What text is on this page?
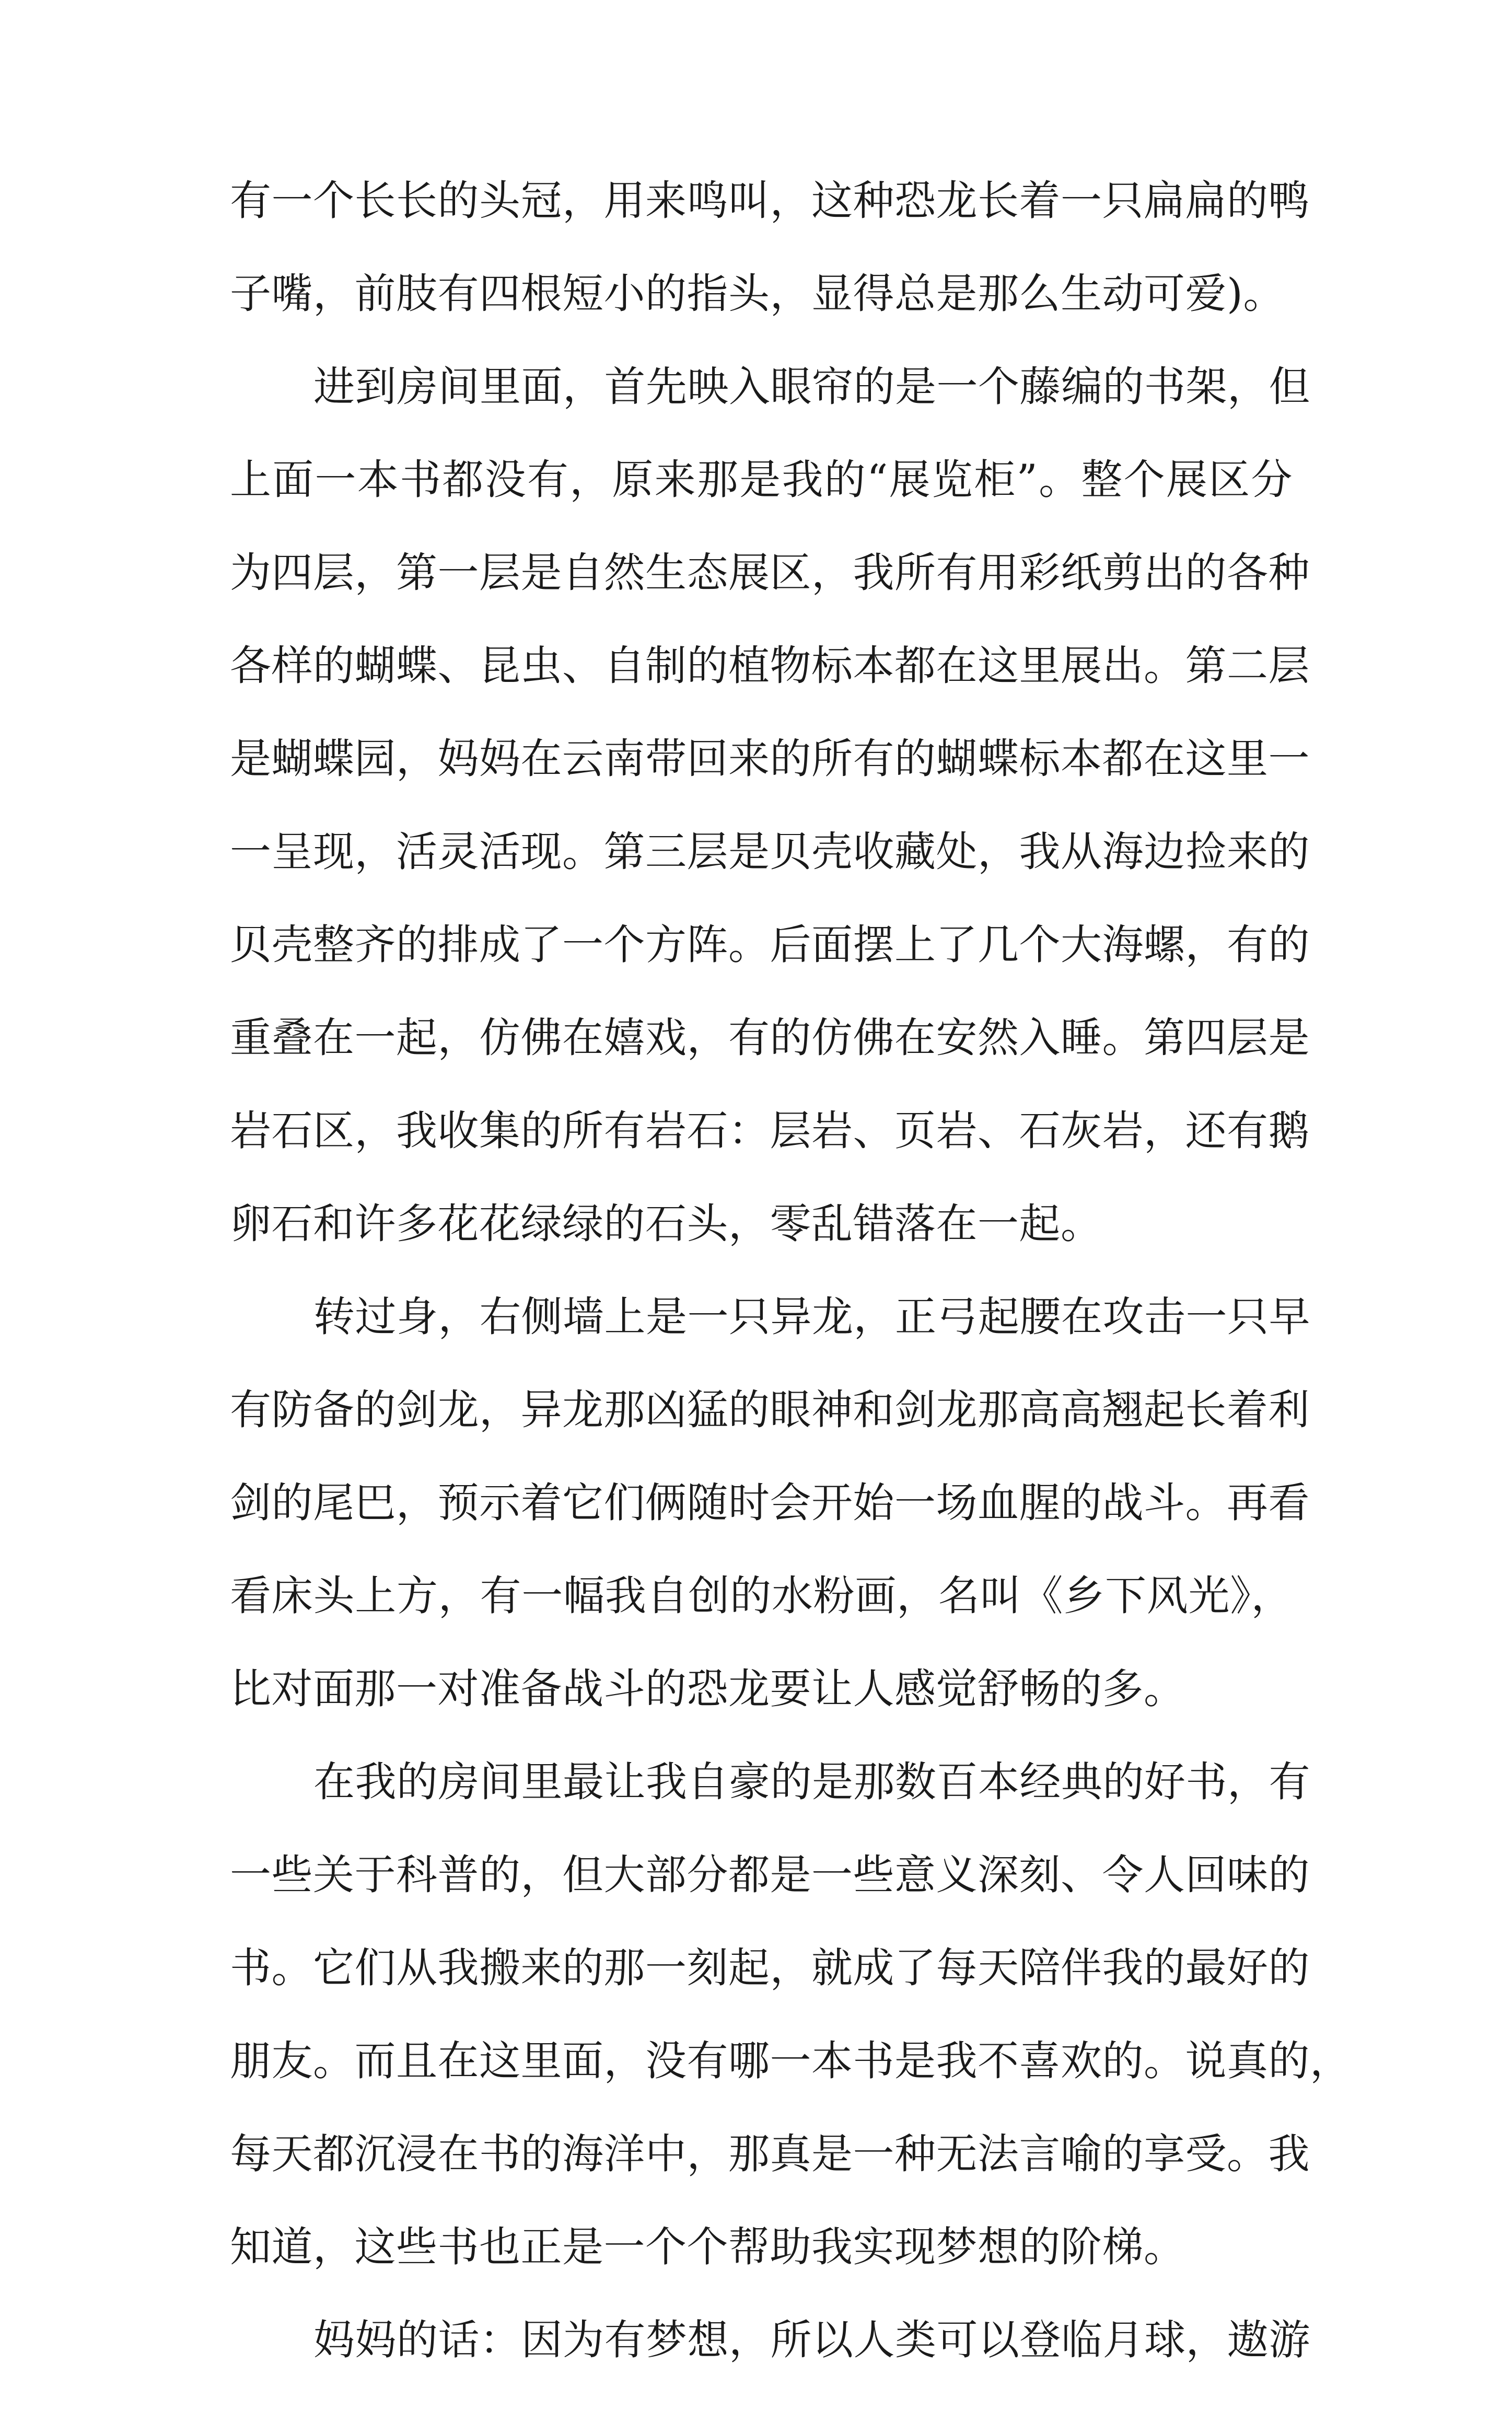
有一个长长的头冠，用来鸣叫，这种恐龙长着一只扁扁的鸭
子嘴，前肢有四根短小的指头，显得总是那么生动可爱)。
进到房间里面，首先映入眼帘的是一个藤编的书架，但
上面一本书都没有，原来那是我的“展览柜”。整个展区分
为四层，第一层是自然生态展区，我所有用彩纸剪出的各种
各样的蝴蝶、昆虫、自制的植物标本都在这里展出。第二层
是蝴蝶园，妈妈在云南带回来的所有的蝴蝶标本都在这里一
一呈现，活灵活现。第三层是贝壳收藏处，我从海边捡来的
贝壳整齐的排成了一个方阵。后面摆上了几个大海螺，有的
重叠在一起，仿佛在嬉戏，有的仿佛在安然入睡。第四层是
岩石区，我收集的所有岩石：层岩、页岩、石灰岩，还有鹅
卵石和许多花花绿绿的石头，零乱错落在一起。
转过身，右侧墙上是一只异龙，正弓起腰在攻击一只早
有防备的剑龙，异龙那凶猛的眼神和剑龙那高高翘起长着利
剑的尾巴，预示着它们俩随时会开始一场血腥的战斗。再看
看床头上方，有一幅我自创的水粉画，名叫《乡下风光》，
比对面那一对准备战斗的恐龙要让人感觉舒畅的多。
在我的房间里最让我自豪的是那数百本经典的好书，有
一些关于科普的，但大部分都是一些意义深刻、令人回味的
书。它们从我搬来的那一刻起，就成了每天陪伴我的最好的
朋友。而且在这里面，没有哪一本书是我不喜欢的。说真的，
每天都沉浸在书的海洋中，那真是一种无法言喻的享受。我
知道，这些书也正是一个个帮助我实现梦想的阶梯。
妈妈的话：因为有梦想，所以人类可以登临月球，遨游
